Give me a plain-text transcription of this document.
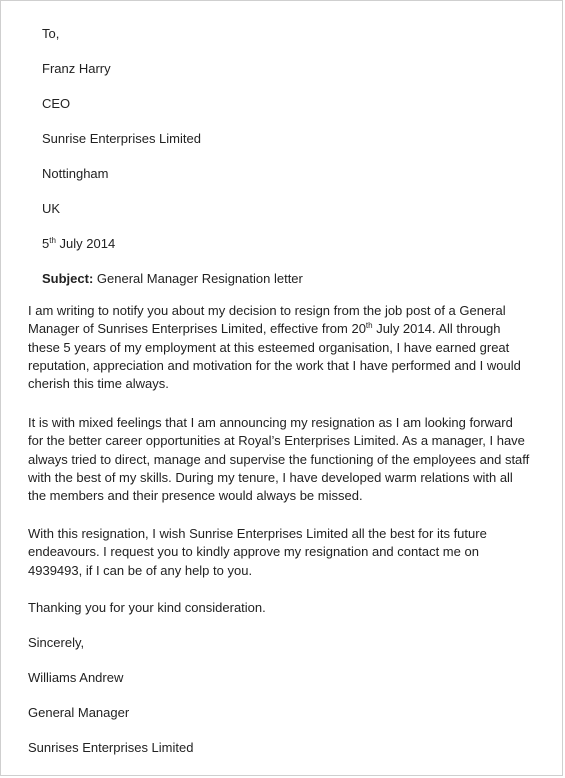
To,
Franz Harry
CEO
Sunrise Enterprises Limited
Nottingham
UK
5th July 2014
Subject: General Manager Resignation letter
I am writing to notify you about my decision to resign from the job post of a General
Manager of Sunrises Enterprises Limited, effective from 20th July 2014. All through
these 5 years of my employment at this esteemed organisation, I have earned great
reputation, appreciation and motivation for the work that I have performed and I would
cherish this time always.
It is with mixed feelings that I am announcing my resignation as I am looking forward
for the better career opportunities at Royal’s Enterprises Limited. As a manager, I have
always tried to direct, manage and supervise the functioning of the employees and staff
with the best of my skills. During my tenure, I have developed warm relations with all
the members and their presence would always be missed.
With this resignation, I wish Sunrise Enterprises Limited all the best for its future
endeavours. I request you to kindly approve my resignation and contact me on
4939493, if I can be of any help to you.
Thanking you for your kind consideration.
Sincerely,
Williams Andrew
General Manager
Sunrises Enterprises Limited
